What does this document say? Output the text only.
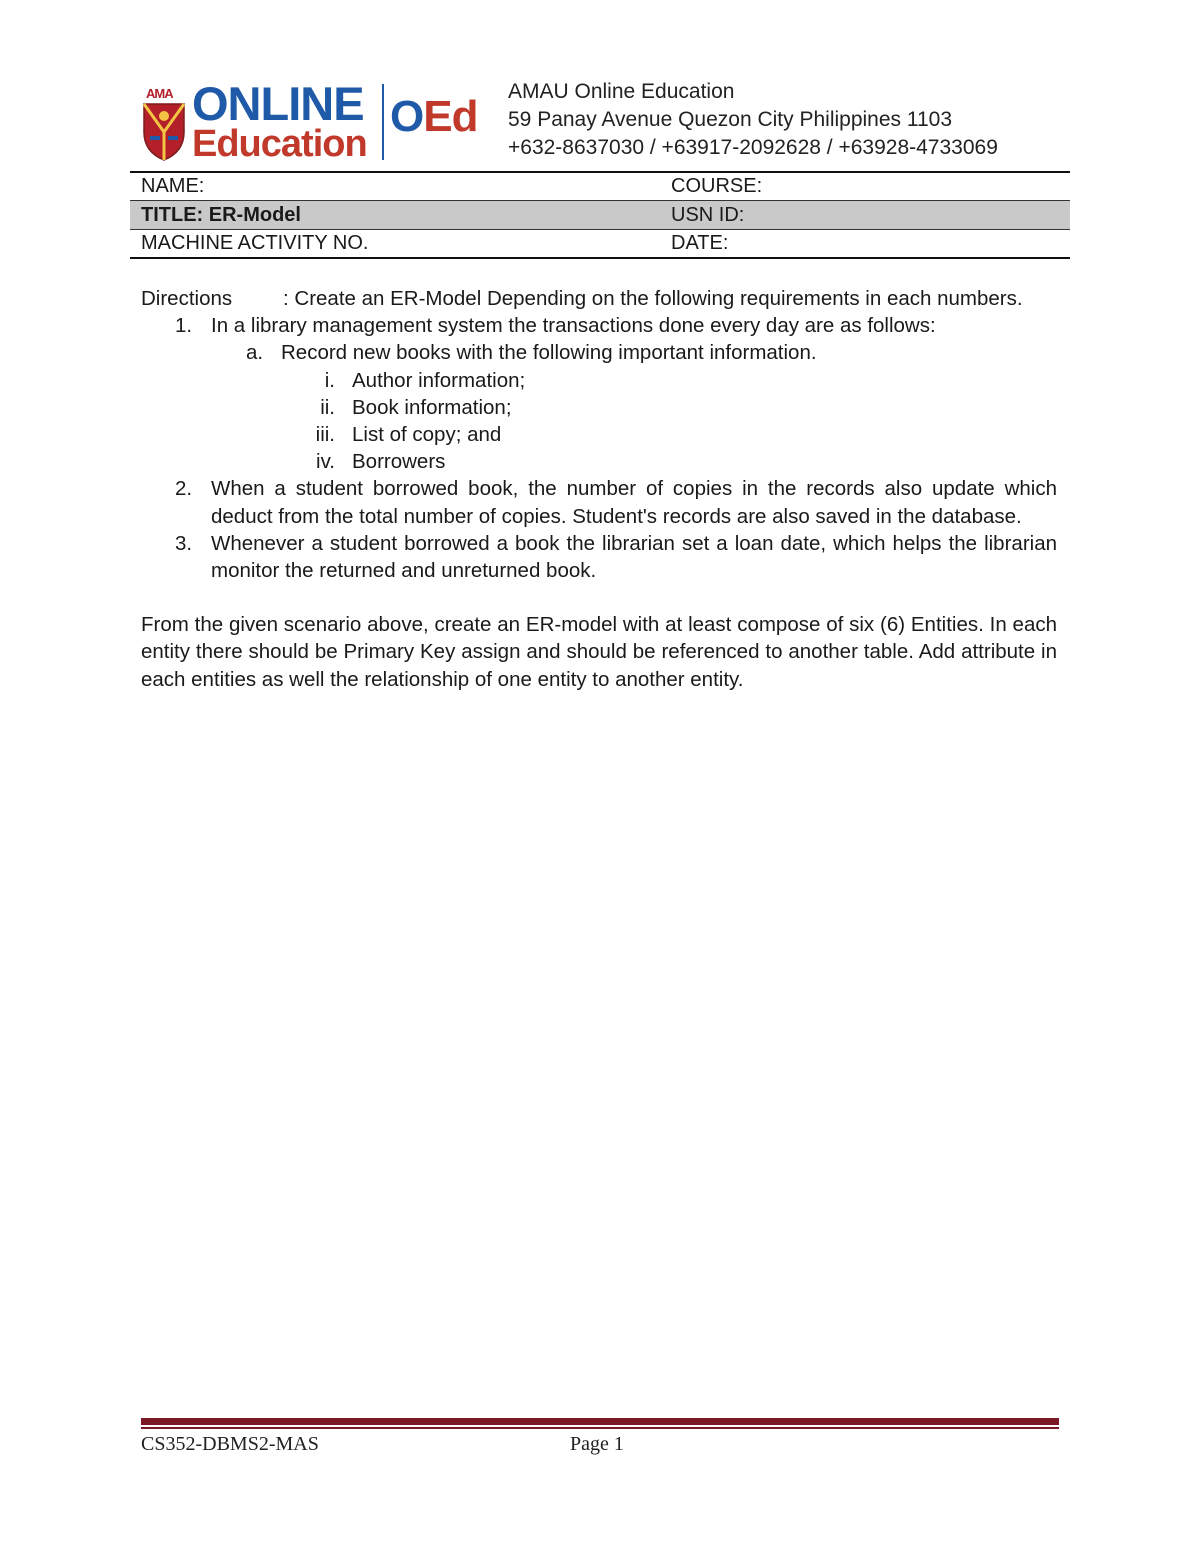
AMA ONLINE
Education
OEd
AMAU Online Education
59 Panay Avenue Quezon City Philippines 1103
+632-8637030 / +63917-2092628 / +63928-4733069
NAME:	COURSE:
TITLE: ER-Model	USN ID:
MACHINE ACTIVITY NO.	DATE:
Directions : Create an ER-Model Depending on the following requirements in each numbers.
1. In a library management system the transactions done every day are as follows:
a. Record new books with the following important information.
i. Author information;
ii. Book information;
iii. List of copy; and
iv. Borrowers
2. When a student borrowed book, the number of copies in the records also update which deduct from the total number of copies. Student's records are also saved in the database.
3. Whenever a student borrowed a book the librarian set a loan date, which helps the librarian monitor the returned and unreturned book.
From the given scenario above, create an ER-model with at least compose of six (6) Entities. In each entity there should be Primary Key assign and should be referenced to another table. Add attribute in each entities as well the relationship of one entity to another entity.
CS352-DBMS2-MAS	Page 1
